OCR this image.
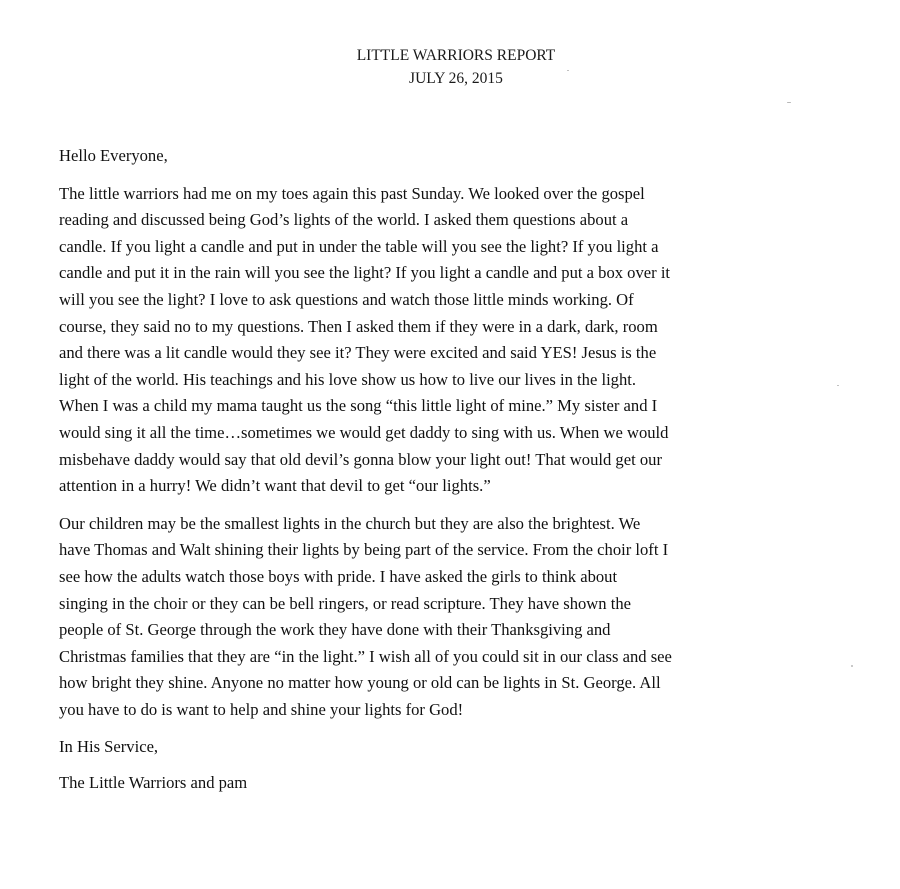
LITTLE WARRIORS REPORT
JULY 26, 2015
Hello Everyone,
The little warriors had me on my toes again this past Sunday. We looked over the gospel
reading and discussed being God’s lights of the world. I asked them questions about a
candle. If you light a candle and put in under the table will you see the light? If you light a
candle and put it in the rain will you see the light? If you light a candle and put a box over it
will you see the light? I love to ask questions and watch those little minds working. Of
course, they said no to my questions. Then I asked them if they were in a dark, dark, room
and there was a lit candle would they see it? They were excited and said YES! Jesus is the
light of the world. His teachings and his love show us how to live our lives in the light.
When I was a child my mama taught us the song “this little light of mine.” My sister and I
would sing it all the time…sometimes we would get daddy to sing with us. When we would
misbehave daddy would say that old devil’s gonna blow your light out! That would get our
attention in a hurry! We didn’t want that devil to get “our lights.”
Our children may be the smallest lights in the church but they are also the brightest. We
have Thomas and Walt shining their lights by being part of the service. From the choir loft I
see how the adults watch those boys with pride. I have asked the girls to think about
singing in the choir or they can be bell ringers, or read scripture. They have shown the
people of St. George through the work they have done with their Thanksgiving and
Christmas families that they are “in the light.” I wish all of you could sit in our class and see
how bright they shine. Anyone no matter how young or old can be lights in St. George. All
you have to do is want to help and shine your lights for God!
In His Service,
The Little Warriors and pam
